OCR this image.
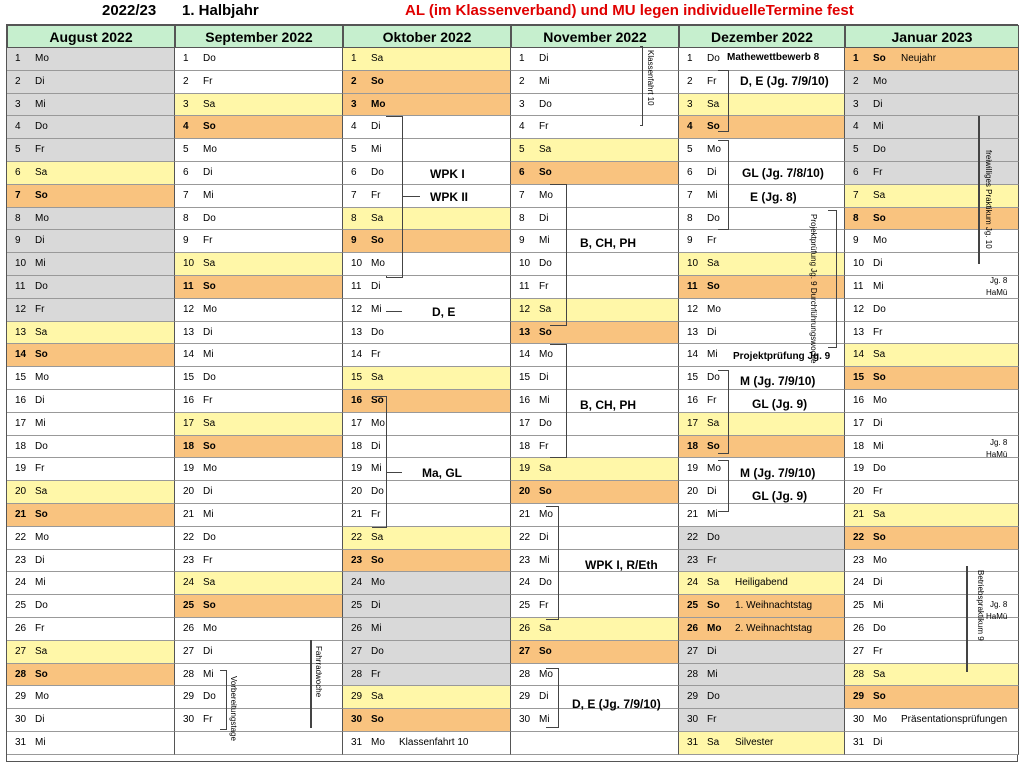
2022/23 1. Halbjahr	AL (im Klassenverband) und MU legen individuelleTermine fest
August 2022
1 Mo
2 Di
3 Mi
4 Do
5 Fr
6 Sa
7 So
8 Mo
9 Di
10 Mi
11 Do
12 Fr
13 Sa
14 So
15 Mo
16 Di
17 Mi
18 Do
19 Fr
20 Sa
21 So
22 Mo
23 Di
24 Mi
25 Do
26 Fr
27 Sa
28 So
29 Mo
30 Di
31 Mi
September 2022
1 Do
2 Fr
3 Sa
4 So
5 Mo
6 Di
7 Mi
8 Do
9 Fr
10 Sa
11 So
12 Mo
13 Di
14 Mi
15 Do
16 Fr
17 Sa
18 So
19 Mo
20 Di
21 Mi
22 Do
23 Fr
24 Sa
25 So
26 Mo
27 Di
28 Mi
29 Do
30 Fr
Oktober 2022
1 Sa
2 So
3 Mo
4 Di
5 Mi
6 Do
7 Fr
8 Sa
9 So
10 Mo
11 Di
12 Mi
13 Do
14 Fr
15 Sa
16 So
17 Mo
18 Di
19 Mi
20 Do
21 Fr
22 Sa
23 So
24 Mo
25 Di
26 Mi
27 Do
28 Fr
29 Sa
30 So
31 Mo Klassenfahrt 10
November 2022
1 Di
2 Mi
3 Do
4 Fr
5 Sa
6 So
7 Mo
8 Di
9 Mi
10 Do
11 Fr
12 Sa
13 So
14 Mo
15 Di
16 Mi
17 Do
18 Fr
19 Sa
20 So
21 Mo
22 Di
23 Mi
24 Do
25 Fr
26 Sa
27 So
28 Mo
29 Di
30 Mi
Dezember 2022
1 Do
2 Fr
3 Sa
4 So
5 Mo
6 Di
7 Mi
8 Do
9 Fr
10 Sa
11 So
12 Mo
13 Di
14 Mi
15 Do
16 Fr
17 Sa
18 So
19 Mo
20 Di
21 Mi
22 Do
23 Fr
24 Sa Heiligabend
25 So 1. Weihnachtstag
26 Mo 2. Weihnachtstag
27 Di
28 Mi
29 Do
30 Fr
31 Sa Silvester
Januar 2023
1 So Neujahr
2 Mo
3 Di
4 Mi
5 Do
6 Fr
7 Sa
8 So
9 Mo
10 Di
11 Mi
12 Do
13 Fr
14 Sa
15 So
16 Mo
17 Di
18 Mi
19 Do
20 Fr
21 Sa
22 So
23 Mo
24 Di
25 Mi
26 Do
27 Fr
28 Sa
29 So
30 Mo Präsentationsprüfungen
31 Di
WPK I
WPK II
D, E
Ma, GL
Klassenfahrt 10
B, CH, PH
B, CH, PH
WPK I, R/Eth
D, E (Jg. 7/9/10)
Mathewettbewerb 8
D, E (Jg. 7/9/10)
GL (Jg. 7/8/10)
E (Jg. 8)
Projektprüfung Jg. 9 Durchführungswoche
Projektprüfung Jg. 9
M (Jg. 7/9/10)
GL (Jg. 9)
M (Jg. 7/9/10)
GL (Jg. 9)
freiwilliges Praktikum Jg. 10
Jg. 8
HaMü
Jg. 8
HaMü
Betriebspraktikum 9 Jg. 8
HaMü
Fahrradwoche
Vorbereitungstage
